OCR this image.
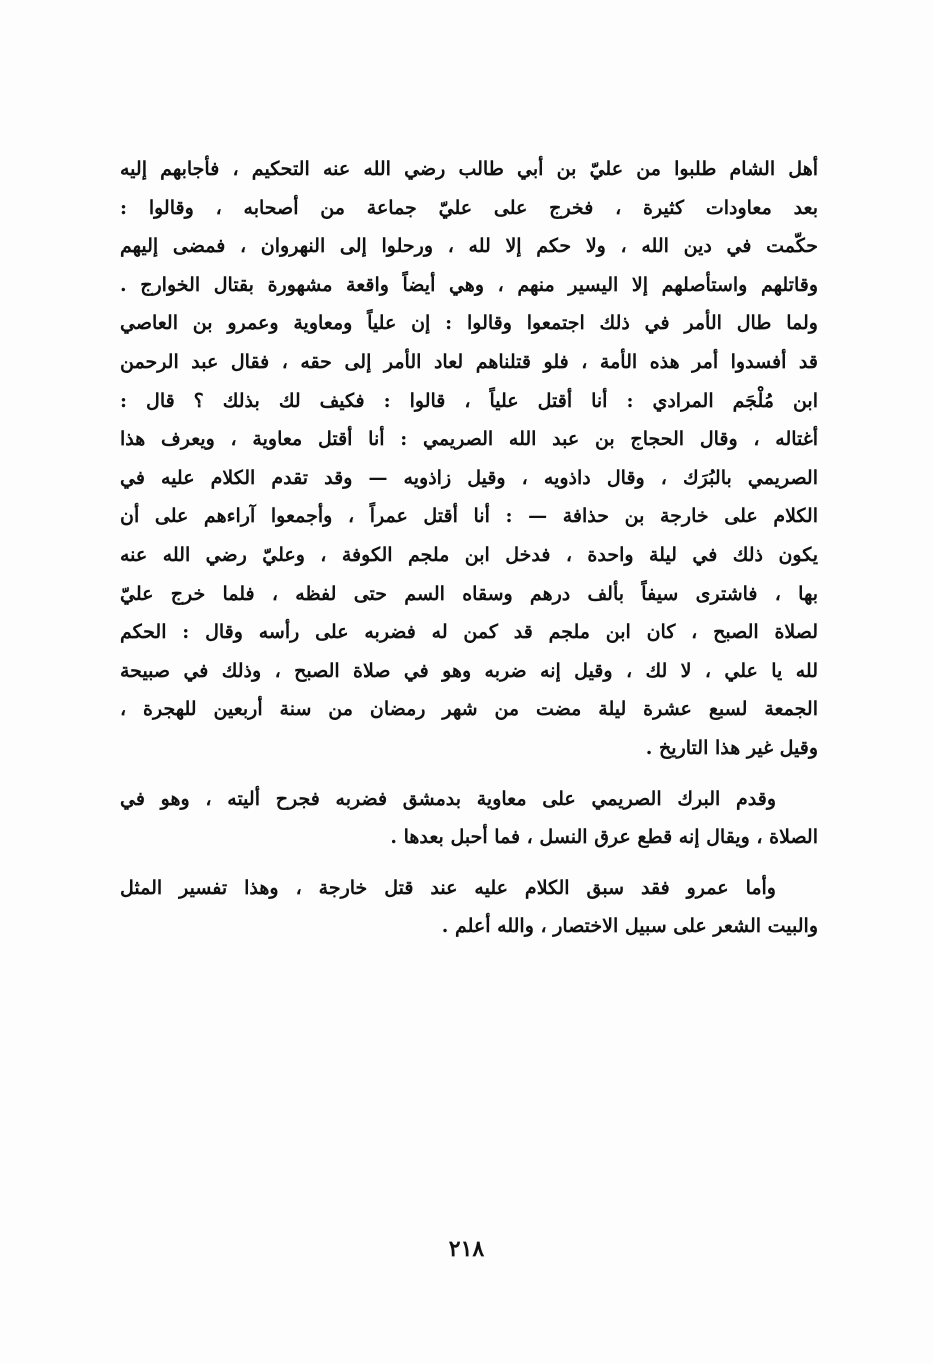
أهل الشام طلبوا من عليّ بن أبي طالب رضي الله عنه التحكيم ، فأجابهم إليه
بعد معاودات كثيرة ، فخرج على عليّ جماعة من أصحابه ، وقالوا :
حكّمت في دين الله ، ولا حكم إلا لله ، ورحلوا إلى النهروان ، فمضى إليهم
وقاتلهم واستأصلهم إلا اليسير منهم ، وهي أيضاً واقعة مشهورة بقتال الخوارج .
ولما طال الأمر في ذلك اجتمعوا وقالوا : إن علياً ومعاوية وعمرو بن العاصي
قد أفسدوا أمر هذه الأمة ، فلو قتلناهم لعاد الأمر إلى حقه ، فقال عبد الرحمن
ابن مُلْجَم المرادي : أنا أقتل علياً ، قالوا : فكيف لك بذلك ؟ قال :
أغتاله ، وقال الحجاج بن عبد الله الصريمي : أنا أقتل معاوية ، ويعرف هذا
الصريمي بالبُرَك ، وقال داذويه ، وقيل زاذويه — وقد تقدم الكلام عليه في
الكلام على خارجة بن حذافة — : أنا أقتل عمراً ، وأجمعوا آراءهم على أن
يكون ذلك في ليلة واحدة ، فدخل ابن ملجم الكوفة ، وعليّ رضي الله عنه
بها ، فاشترى سيفاً بألف درهم وسقاه السم حتى لفظه ، فلما خرج عليّ
لصلاة الصبح ، كان ابن ملجم قد كمن له فضربه على رأسه وقال : الحكم
لله يا علي ، لا لك ، وقيل إنه ضربه وهو في صلاة الصبح ، وذلك في صبيحة
الجمعة لسبع عشرة ليلة مضت من شهر رمضان من سنة أربعين للهجرة ،
وقيل غير هذا التاريخ .
وقدم البرك الصريمي على معاوية بدمشق فضربه فجرح أليته ، وهو في
الصلاة ، ويقال إنه قطع عرق النسل ، فما أحبل بعدها .
وأما عمرو فقد سبق الكلام عليه عند قتل خارجة ، وهذا تفسير المثل
والبيت الشعر على سبيل الاختصار ، والله أعلم .
٢١٨
